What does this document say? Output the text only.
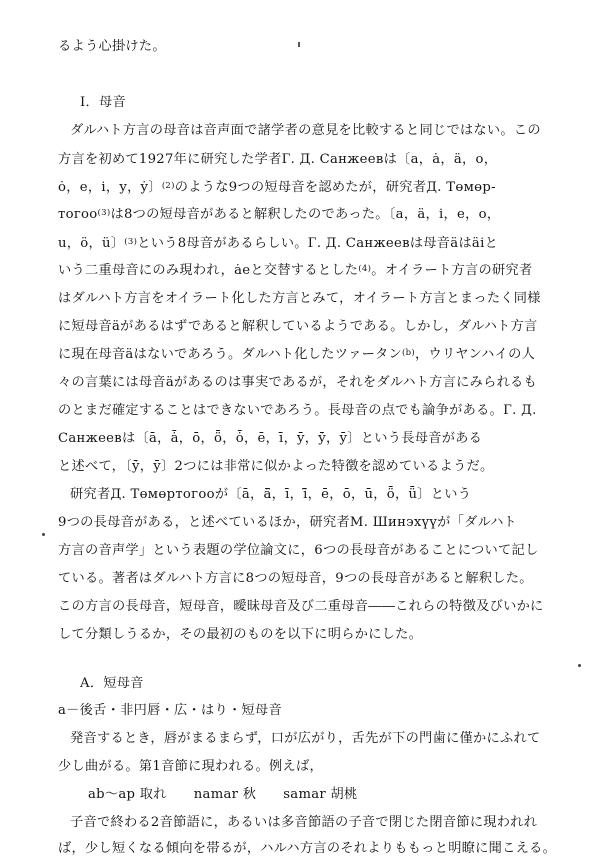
るよう心掛けた。
Ⅰ．母音
ダルハト方言の母音は音声面で諸学者の意見を比較すると同じではない。この
方言を初めて1927年に研究した学者Г. Д. Санжеевは〔a，ȧ，ä，o，
ȯ，e，i，y，ẏ〕$^{(2)}$のような9つの短母音を認めたが，研究者Д. Төмөр-
тогоо$^{(3)}$は8つの短母音があると解釈したのであった。〔a，ä，i，e，o，
u，ö，ü〕$^{(3)}$という8母音があるらしい。Г. Д. Санжеевは母音äはäiと
いう二重母音にのみ現われ，ȧeと交替するとした$^{(4)}$。オイラート方言の研究者
はダルハト方言をオイラート化した方言とみて，オイラート方言とまったく同様
に短母音äがあるはずであると解釈しているようである。しかし，ダルハト方言
に現在母音äはないであろう。ダルハト化したツァータン$^{(b)}$，ウリヤンハイの人
々の言葉には母音äがあるのは事実であるが，それをダルハト方言にみられるも
のとまだ確定することはできないであろう。長母音の点でも論争がある。Г. Д.
Санжеевは〔ā，ǡ，ō，ȫ，ȱ，ē，ī，ȳ，ȳ̇，ȳ〕という長母音がある
と述べて，〔ȳ̇，ȳ〕2つには非常に似かよった特徴を認めているようだ。
研究者Д. Төмөртогооが〔ā，ā̈，ī，ī̈，ē，ō，ū，ȫ，ǖ〕という
9つの長母音がある，と述べているほか，研究者M. Шинэхүүが「ダルハト
方言の音声学」という表題の学位論文に，6つの長母音があることについて記し
ている。著者はダルハト方言に8つの短母音，9つの長母音があると解釈した。
この方言の長母音，短母音，曖昧母音及び二重母音――これらの特徴及びいかに
して分類しうるか，その最初のものを以下に明らかにした。
A．短母音
a－後舌・非円唇・広・はり・短母音
発音するとき，唇がまるまらず，口が広がり，舌先が下の門歯に僅かにふれて
少し曲がる。第1音節に現われる。例えば，
ab～ap 取れ　　namar 秋　　samar 胡桃
子音で終わる2音節語に，あるいは多音節語の子音で閉じた閉音節に現われれ
ば，少し短くなる傾向を帯るが，ハルハ方言のそれよりももっと明瞭に聞こえる。
